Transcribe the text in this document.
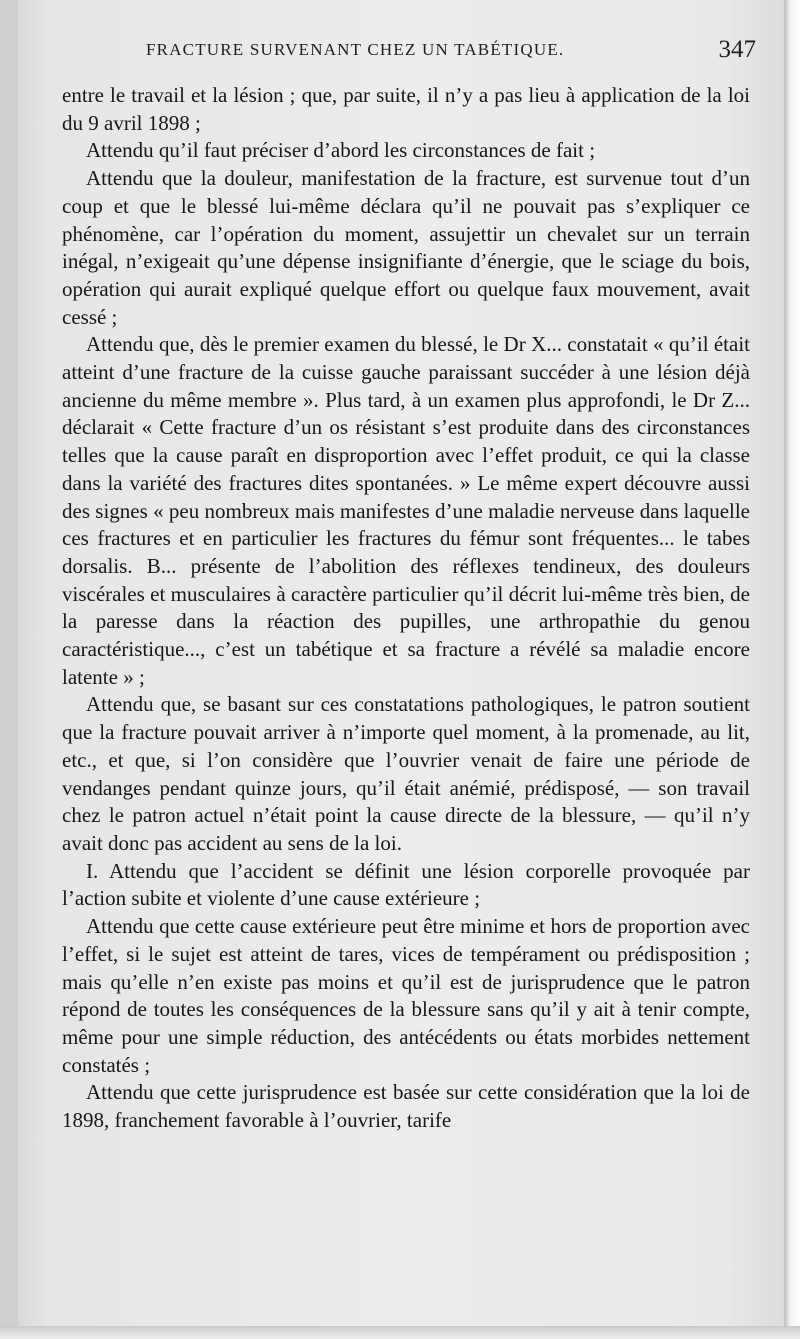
FRACTURE SURVENANT CHEZ UN TABÉTIQUE.	347

entre le travail et la lésion ; que, par suite, il n’y a pas lieu à application de la loi du 9 avril 1898 ;

Attendu qu’il faut préciser d’abord les circonstances de fait ;

Attendu que la douleur, manifestation de la fracture, est survenue tout d’un coup et que le blessé lui-même déclara qu’il ne pouvait pas s’expliquer ce phénomène, car l’opération du moment, assujettir un chevalet sur un terrain inégal, n’exigeait qu’une dépense insignifiante d’énergie, que le sciage du bois, opération qui aurait expliqué quelque effort ou quelque faux mouvement, avait cessé ;

Attendu que, dès le premier examen du blessé, le Dr X... constatait « qu’il était atteint d’une fracture de la cuisse gauche paraissant succéder à une lésion déjà ancienne du même membre ». Plus tard, à un examen plus approfondi, le Dr Z... déclarait « Cette fracture d’un os résistant s’est produite dans des circonstances telles que la cause paraît en disproportion avec l’effet produit, ce qui la classe dans la variété des fractures dites spontanées. » Le même expert découvre aussi des signes « peu nombreux mais manifestes d’une maladie nerveuse dans laquelle ces fractures et en particulier les fractures du fémur sont fréquentes... le tabes dorsalis. B... présente de l’abolition des réflexes tendineux, des douleurs viscérales et musculaires à caractère particulier qu’il décrit lui-même très bien, de la paresse dans la réaction des pupilles, une arthropathie du genou caractéristique..., c’est un tabétique et sa fracture a révélé sa maladie encore latente » ;

Attendu que, se basant sur ces constatations pathologiques, le patron soutient que la fracture pouvait arriver à n’importe quel moment, à la promenade, au lit, etc., et que, si l’on considère que l’ouvrier venait de faire une période de vendanges pendant quinze jours, qu’il était anémié, prédisposé, — son travail chez le patron actuel n’était point la cause directe de la blessure, — qu’il n’y avait donc pas accident au sens de la loi.

I. Attendu que l’accident se définit une lésion corporelle provoquée par l’action subite et violente d’une cause extérieure ;

Attendu que cette cause extérieure peut être minime et hors de proportion avec l’effet, si le sujet est atteint de tares, vices de tempérament ou prédisposition ; mais qu’elle n’en existe pas moins et qu’il est de jurisprudence que le patron répond de toutes les conséquences de la blessure sans qu’il y ait à tenir compte, même pour une simple réduction, des antécédents ou états morbides nettement constatés ;

Attendu que cette jurisprudence est basée sur cette considération que la loi de 1898, franchement favorable à l’ouvrier, tarife
